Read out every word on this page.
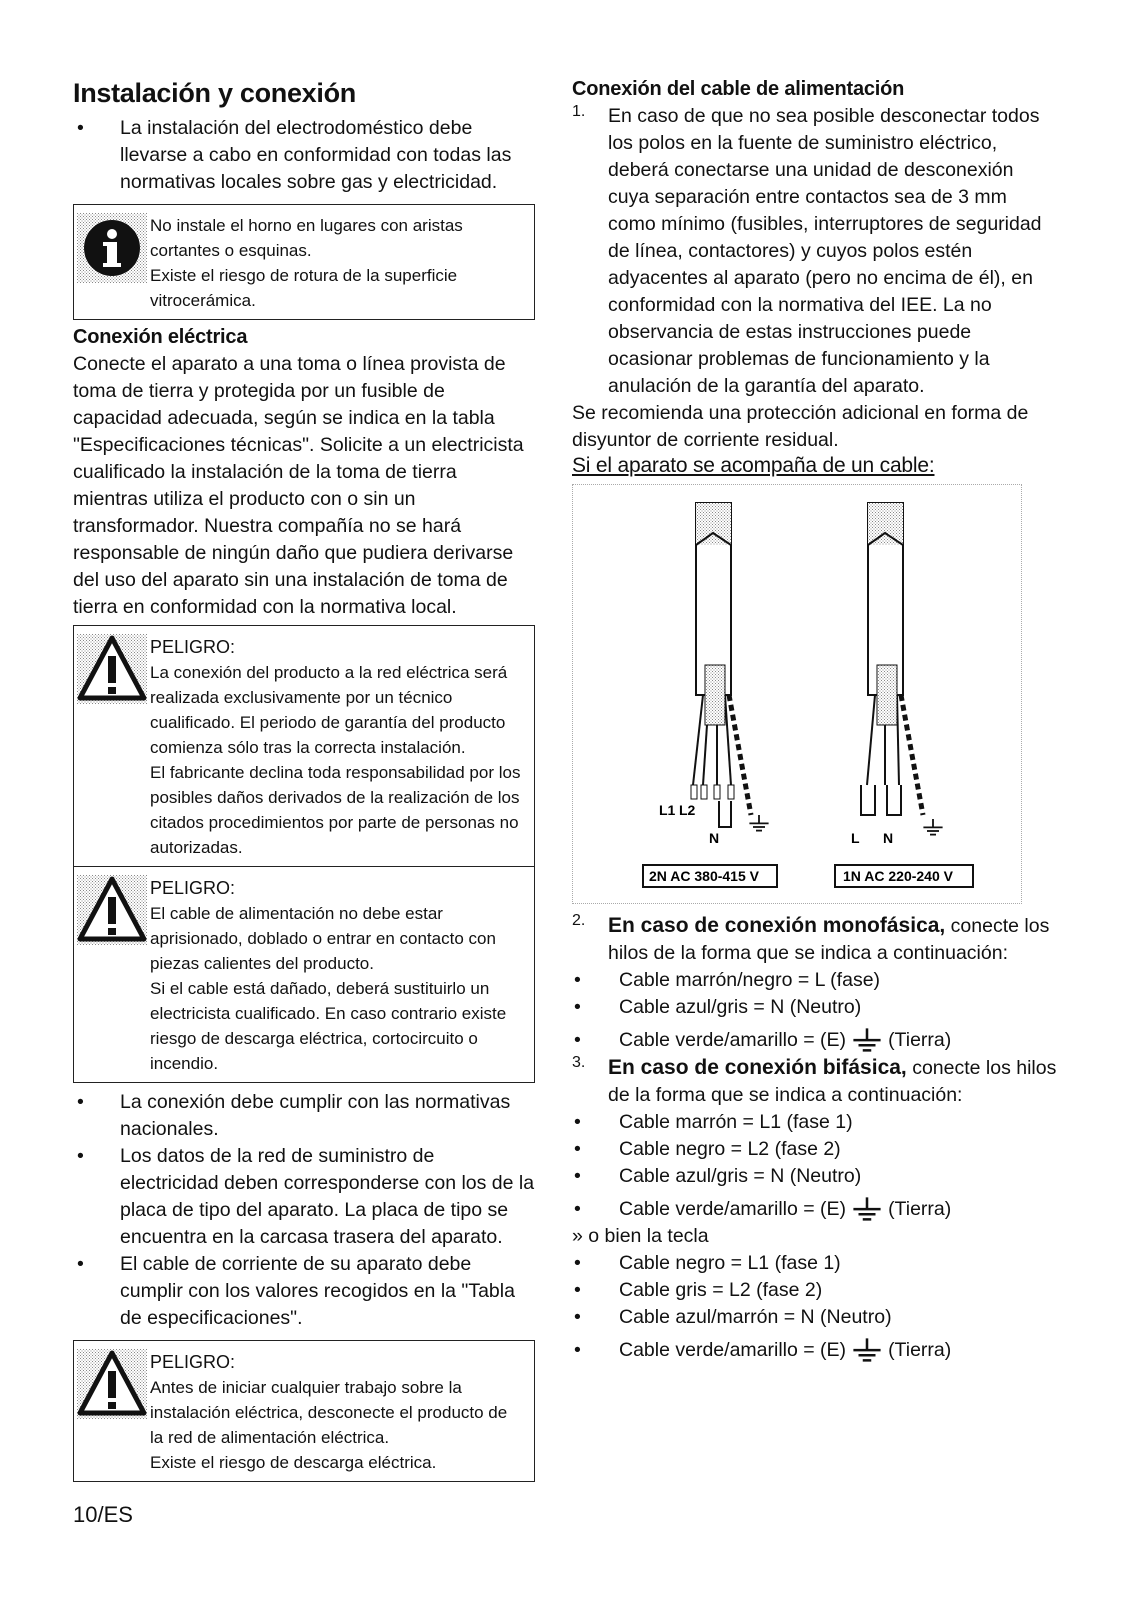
Instalación y conexión
• La instalación del electrodoméstico debe llevarse a cabo en conformidad con todas las normativas locales sobre gas y electricidad.

No instale el horno en lugares con aristas cortantes o esquinas.

Existe el riesgo de rotura de la superficie vitrocerámica.

Conexión eléctrica

Conecte el aparato a una toma o línea provista de toma de tierra y protegida por un fusible de capacidad adecuada, según se indica en la tabla "Especificaciones técnicas". Solicite a un electricista cualificado la instalación de la toma de tierra mientras utiliza el producto con o sin un transformador. Nuestra compañía no se hará responsable de ningún daño que pudiera derivarse del uso del aparato sin una instalación de toma de tierra en conformidad con la normativa local.

PELIGRO:

La conexión del producto a la red eléctrica será realizada exclusivamente por un técnico cualificado. El periodo de garantía del producto comienza sólo tras la correcta instalación.

El fabricante declina toda responsabilidad por los posibles daños derivados de la realización de los citados procedimientos por parte de personas no autorizadas.

PELIGRO:

El cable de alimentación no debe estar aprisionado, doblado o entrar en contacto con piezas calientes del producto.

Si el cable está dañado, deberá sustituirlo un electricista cualificado. En caso contrario existe riesgo de descarga eléctrica, cortocircuito o incendio.

• La conexión debe cumplir con las normativas nacionales.
• Los datos de la red de suministro de electricidad deben corresponderse con los de la placa de tipo del aparato. La placa de tipo se encuentra en la carcasa trasera del aparato.
• El cable de corriente de su aparato debe cumplir con los valores recogidos en la "Tabla de especificaciones".
PELIGRO:

Antes de iniciar cualquier trabajo sobre la instalación eléctrica, desconecte el producto de la red de alimentación eléctrica.

Existe el riesgo de descarga eléctrica.

10/ES
Conexión del cable de alimentación
1. En caso de que no sea posible desconectar todos los polos en la fuente de suministro eléctrico, deberá conectarse una unidad de desconexión cuya separación entre contactos sea de 3 mm como mínimo (fusibles, interruptores de seguridad de línea, contactores) y cuyos polos estén adyacentes al aparato (pero no encima de él), en conformidad con la normativa del IEE. La no observancia de estas instrucciones puede ocasionar problemas de funcionamiento y la anulación de la garantía del aparato.

Se recomienda una protección adicional en forma de disyuntor de corriente residual.

Si el aparato se acompaña de un cable:
L1 L2
N	L N
2N AC 380-415 V	1N AC 220-240 V
2. En caso de conexión monofásica, conecte los hilos de la forma que se indica a continuación:

• Cable marrón/negro = L (fase)
• Cable azul/gris = N (Neutro)
• Cable verde/amarillo = (E) (Tierra)
3. En caso de conexión bifásica, conecte los hilos de la forma que se indica a continuación:

• Cable marrón = L1 (fase 1)
• Cable negro = L2 (fase 2)
• Cable azul/gris = N (Neutro)
• Cable verde/amarillo = (E) (Tierra)

» o bien la tecla

• Cable negro = L1 (fase 1)
• Cable gris = L2 (fase 2)
• Cable azul/marrón = N (Neutro)
• Cable verde/amarillo = (E) (Tierra)
